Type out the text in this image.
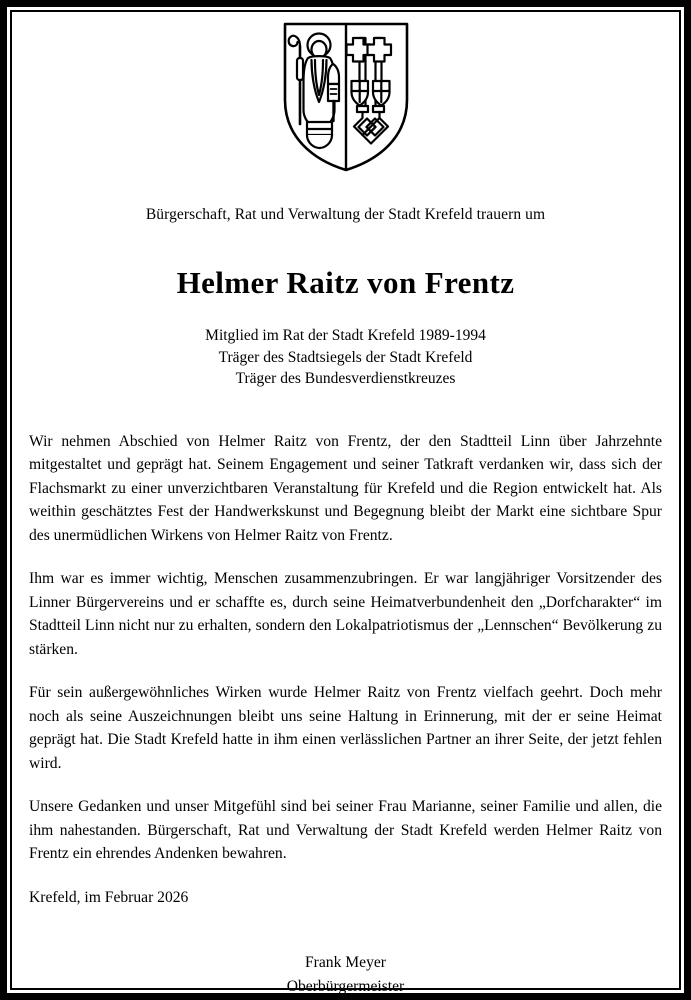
Bürgerschaft, Rat und Verwaltung der Stadt Krefeld trauern um
Helmer Raitz von Frentz
Mitglied im Rat der Stadt Krefeld 1989-1994
Träger des Stadtsiegels der Stadt Krefeld
Träger des Bundesverdienstkreuzes

Wir nehmen Abschied von Helmer Raitz von Frentz, der den Stadtteil Linn über Jahrzehnte mitgestaltet und geprägt hat. Seinem Engagement und seiner Tatkraft verdanken wir, dass sich der Flachsmarkt zu einer unverzichtbaren Veranstaltung für Krefeld und die Region entwickelt hat. Als weithin geschätztes Fest der Handwerkskunst und Begegnung bleibt der Markt eine sichtbare Spur des unermüdlichen Wirkens von Helmer Raitz von Frentz.

Ihm war es immer wichtig, Menschen zusammenzubringen. Er war langjähriger Vorsitzender des Linner Bürgervereins und er schaffte es, durch seine Heimatverbundenheit den „Dorfcharakter“ im Stadtteil Linn nicht nur zu erhalten, sondern den Lokalpatriotismus der „Lennschen“ Bevölkerung zu stärken.

Für sein außergewöhnliches Wirken wurde Helmer Raitz von Frentz vielfach geehrt. Doch mehr noch als seine Auszeichnungen bleibt uns seine Haltung in Erinnerung, mit der er seine Heimat geprägt hat. Die Stadt Krefeld hatte in ihm einen verlässlichen Partner an ihrer Seite, der jetzt fehlen wird.

Unsere Gedanken und unser Mitgefühl sind bei seiner Frau Marianne, seiner Familie und allen, die ihm nahestanden. Bürgerschaft, Rat und Verwaltung der Stadt Krefeld werden Helmer Raitz von Frentz ein ehrendes Andenken bewahren.

Krefeld, im Februar 2026
Frank Meyer
Oberbürgermeister
